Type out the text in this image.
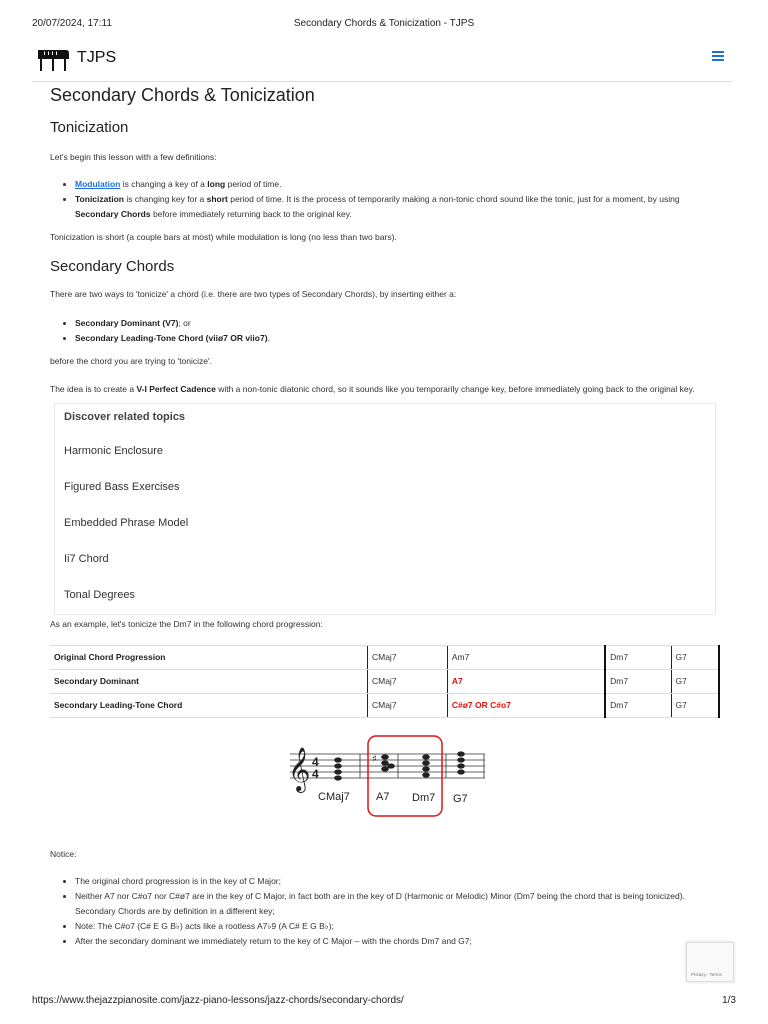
20/07/2024, 17:11	Secondary Chords & Tonicization - TJPS
TJPS
Secondary Chords & Tonicization
Tonicization

Let's begin this lesson with a few definitions:

• Modulation is changing a key of a long period of time.
• Tonicization is changing key for a short period of time. It is the process of temporarily making a non-tonic chord sound like the tonic, just for a moment, by using Secondary Chords before immediately returning back to the original key.

Tonicization is short (a couple bars at most) while modulation is long (no less than two bars).

Secondary Chords

There are two ways to 'tonicize' a chord (i.e. there are two types of Secondary Chords), by inserting either a:

• Secondary Dominant (V7); or
• Secondary Leading-Tone Chord (viiø7 OR viio7).

before the chord you are trying to 'tonicize'.

The idea is to create a V-I Perfect Cadence with a non-tonic diatonic chord, so it sounds like you temporarily change key, before immediately going back to the original key.

Discover related topics
Harmonic Enclosure
Figured Bass Exercises
Embedded Phrase Model
Ii7 Chord
Tonal Degrees

As an example, let's tonicize the Dm7 in the following chord progression:

Original Chord Progression	CMaj7	Am7	Dm7	G7
Secondary Dominant	CMaj7	A7	Dm7	G7
Secondary Leading-Tone Chord	CMaj7	C#ø7 OR C#o7	Dm7	G7
𝄞 4
4
♯
CMaj7 A7 Dm7 G7

Notice:

• The original chord progression is in the key of C Major;
• Neither A7 nor C#o7 nor C#ø7 are in the key of C Major, in fact both are in the key of D (Harmonic or Melodic) Minor (Dm7 being the chord that is being tonicized). Secondary Chords are by definition in a different key;
• Note: The C#o7 (C# E G B♭) acts like a rootless A7♭9 (A C# E G B♭);
• After the secondary dominant we immediately return to the key of C Major – with the chords Dm7 and G7;
Privacy - Terms
https://www.thejazzpianosite.com/jazz-piano-lessons/jazz-chords/secondary-chords/	1/3
